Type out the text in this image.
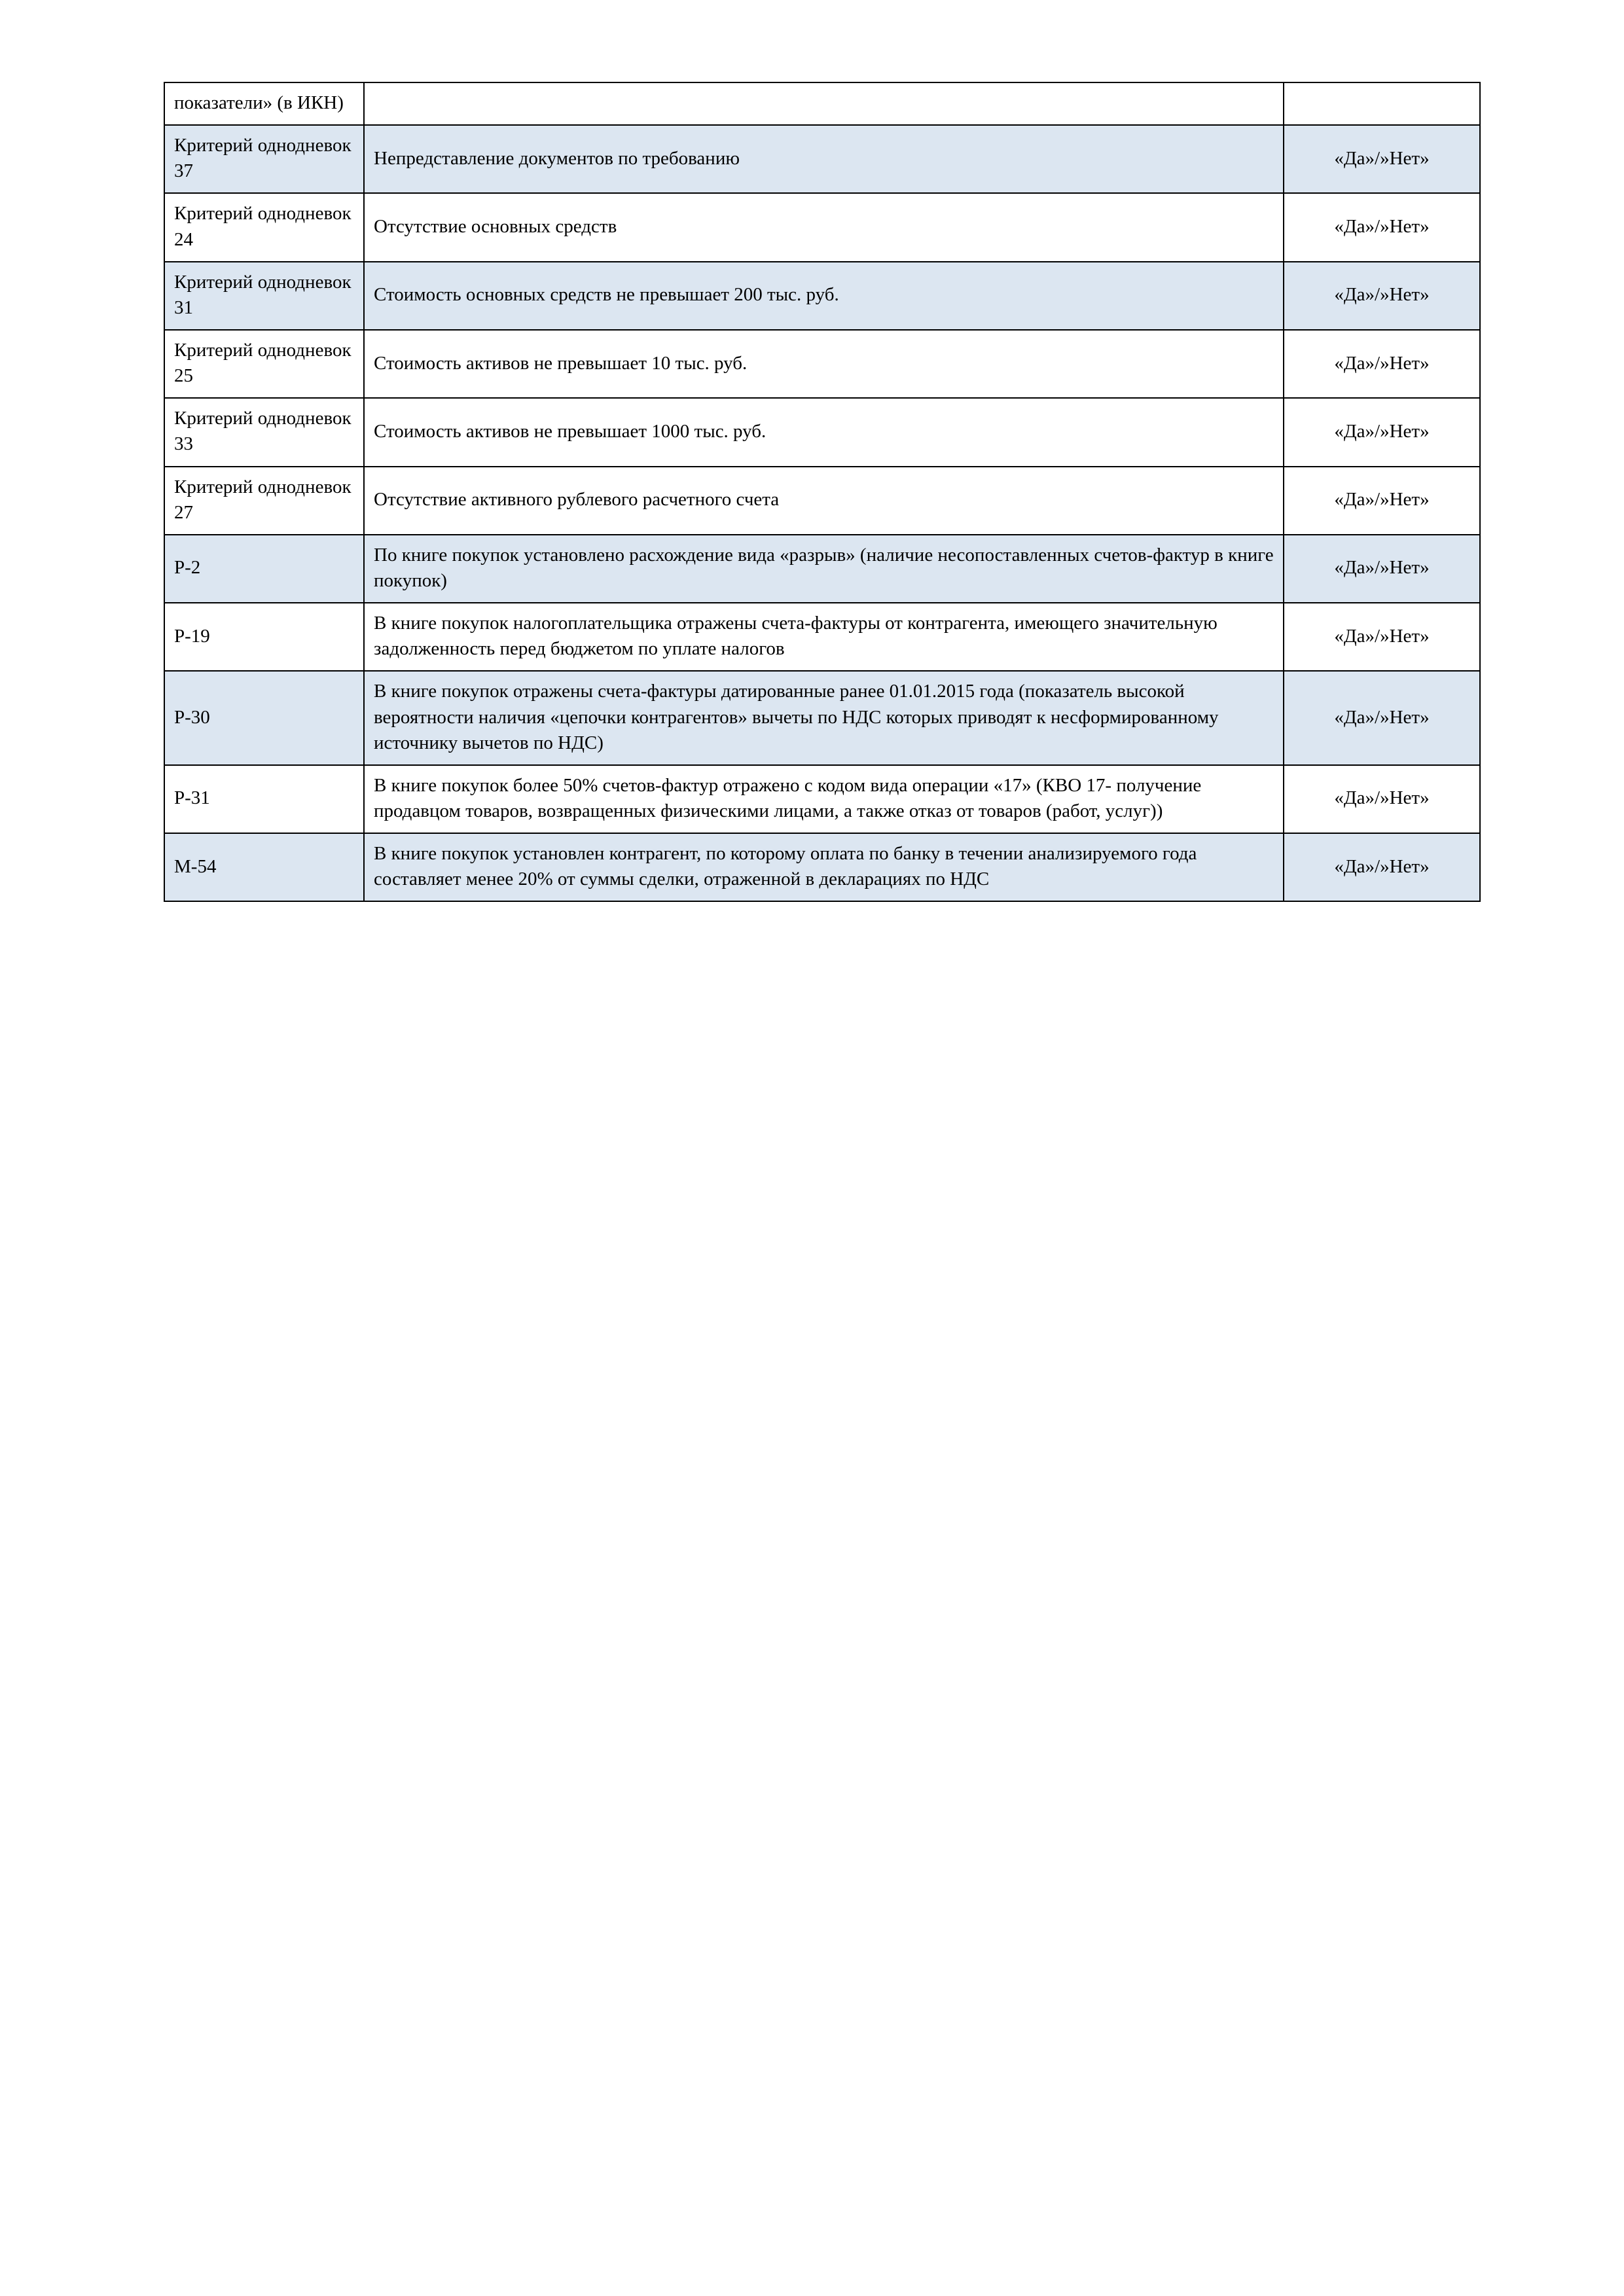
показатели» (в ИКН)		
Критерий однодневок 37	Непредставление документов по требованию	«Да»/»Нет»
Критерий однодневок 24	Отсутствие основных средств	«Да»/»Нет»
Критерий однодневок 31	Стоимость основных средств не превышает 200 тыс. руб.	«Да»/»Нет»
Критерий однодневок 25	Стоимость активов не превышает 10 тыс. руб.	«Да»/»Нет»
Критерий однодневок 33	Стоимость активов не превышает 1000 тыс. руб.	«Да»/»Нет»
Критерий однодневок 27	Отсутствие активного рублевого расчетного счета	«Да»/»Нет»
Р-2	По книге покупок установлено расхождение вида «разрыв» (наличие несопоставленных счетов-фактур в книге покупок)	«Да»/»Нет»
Р-19	В книге покупок налогоплательщика отражены счета-фактуры от контрагента, имеющего значительную задолженность перед бюджетом по уплате налогов	«Да»/»Нет»
Р-30	В книге покупок отражены счета-фактуры датированные ранее 01.01.2015 года (показатель высокой вероятности наличия «цепочки контрагентов» вычеты по НДС которых приводят к несформированному источнику вычетов по НДС)	«Да»/»Нет»
Р-31	В книге покупок более 50% счетов-фактур отражено с кодом вида операции «17» (КВО 17- получение продавцом товаров, возвращенных физическими лицами, а также отказ от товаров (работ, услуг))	«Да»/»Нет»
М-54	В книге покупок установлен контрагент, по которому оплата по банку в течении анализируемого года составляет менее 20% от суммы сделки, отраженной в декларациях по НДС	«Да»/»Нет»
